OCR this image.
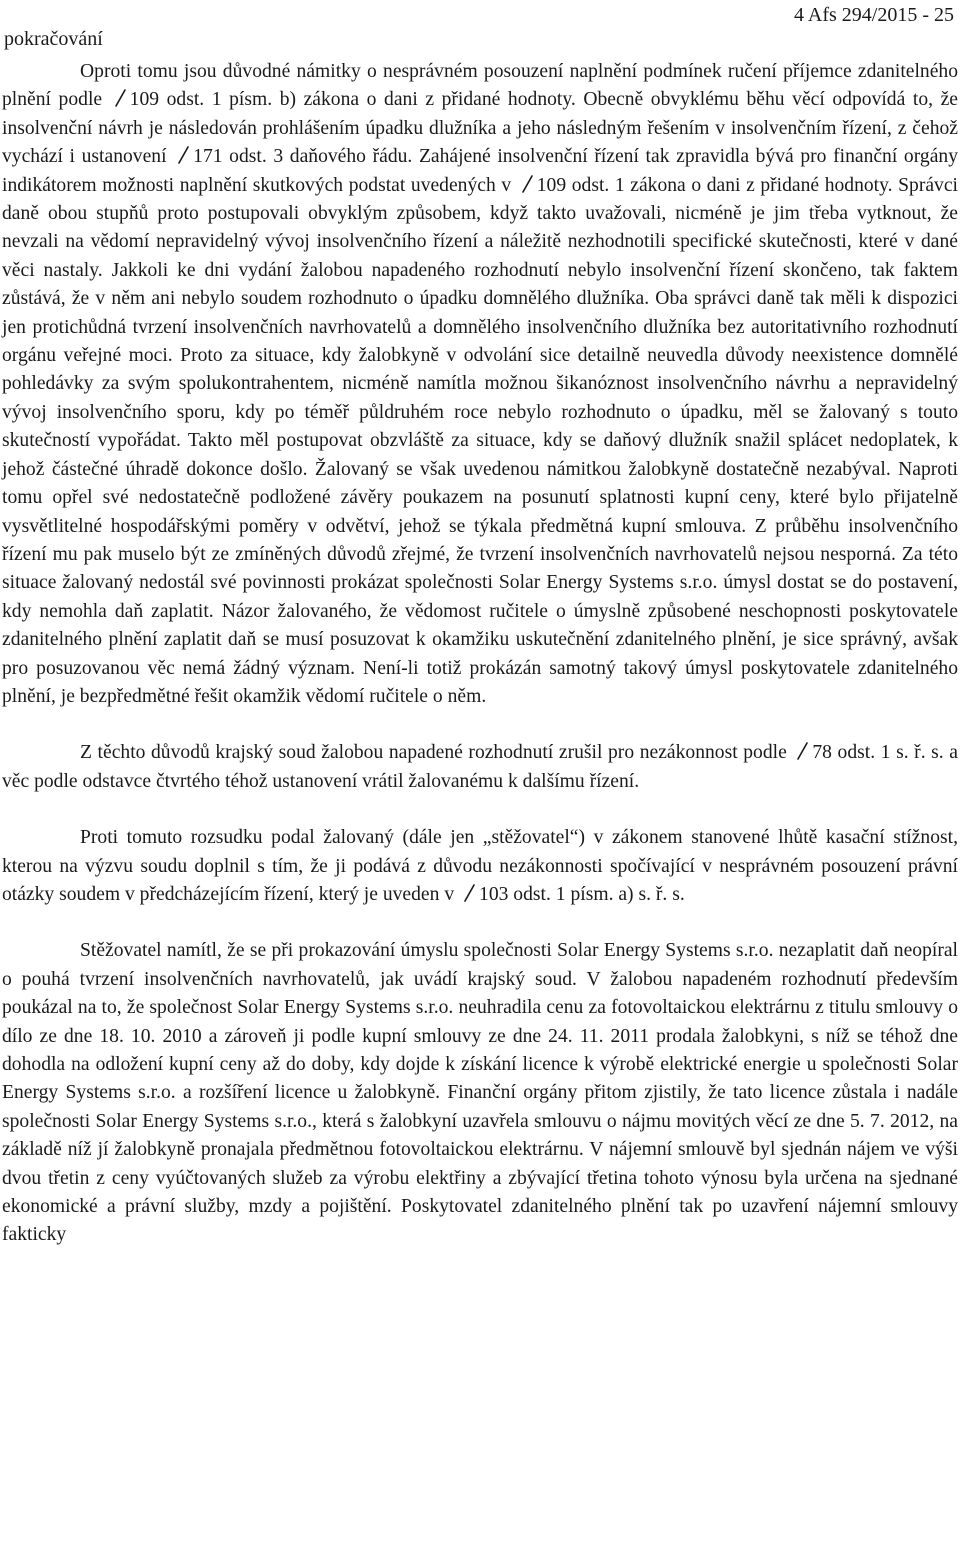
pokračování
4 Afs 294/2015 - 25

Oproti tomu jsou důvodné námitky o nesprávném posouzení naplnění podmínek ručení příjemce zdanitelného plnění podle
109 odst. 1 písm. b) zákona o dani z přidané hodnoty. Obecně obvyklému běhu věcí odpovídá to, že insolvenční návrh je následován prohlášením úpadku dlužníka a jeho následným řešením v insolvenčním řízení, z čehož vychází i ustanovení
171 odst. 3 daňového řádu. Zahájené insolvenční řízení tak zpravidla bývá pro finanční orgány indikátorem možnosti naplnění skutkových podstat uvedených v
109 odst. 1 zákona o dani z přidané hodnoty. Správci daně obou stupňů proto postupovali obvyklým způsobem, když takto uvažovali, nicméně je jim třeba vytknout, že nevzali na vědomí nepravidelný vývoj insolvenčního řízení a náležitě nezhodnotili specifické skutečnosti, které v dané věci nastaly. Jakkoli ke dni vydání žalobou napadeného rozhodnutí nebylo insolvenční řízení skončeno, tak faktem zůstává, že v něm ani nebylo soudem rozhodnuto o úpadku domnělého dlužníka. Oba správci daně tak měli k dispozici jen protichůdná tvrzení insolvenčních navrhovatelů a domnělého insolvenčního dlužníka bez autoritativního rozhodnutí orgánu veřejné moci. Proto za situace, kdy žalobkyně v odvolání sice detailně neuvedla důvody neexistence domnělé pohledávky za svým spolukontrahentem, nicméně namítla možnou šikanóznost insolvenčního návrhu a nepravidelný vývoj insolvenčního sporu, kdy po téměř půldruhém roce nebylo rozhodnuto o úpadku, měl se žalovaný s touto skutečností vypořádat. Takto měl postupovat obzvláště za situace, kdy se daňový dlužník snažil splácet nedoplatek, k jehož částečné úhradě dokonce došlo. Žalovaný se však uvedenou námitkou žalobkyně dostatečně nezabýval. Naproti tomu opřel své nedostatečně podložené závěry poukazem na posunutí splatnosti kupní ceny, které bylo přijatelně vysvětlitelné hospodářskými poměry v odvětví, jehož se týkala předmětná kupní smlouva. Z průběhu insolvenčního řízení mu pak muselo být ze zmíněných důvodů zřejmé, že tvrzení insolvenčních navrhovatelů nejsou nesporná. Za této situace žalovaný nedostál své povinnosti prokázat společnosti Solar Energy Systems s.r.o. úmysl dostat se do postavení, kdy nemohla daň zaplatit. Názor žalovaného, že vědomost ručitele o úmyslně způsobené neschopnosti poskytovatele zdanitelného plnění zaplatit daň se musí posuzovat k okamžiku uskutečnění zdanitelného plnění, je sice správný, avšak pro posuzovanou věc nemá žádný význam. Není-li totiž prokázán samotný takový úmysl poskytovatele zdanitelného plnění, je bezpředmětné řešit okamžik vědomí ručitele o něm.

Z těchto důvodů krajský soud žalobou napadené rozhodnutí zrušil pro nezákonnost podle
78 odst. 1 s. ř. s. a věc podle odstavce čtvrtého téhož ustanovení vrátil žalovanému k dalšímu řízení.

Proti tomuto rozsudku podal žalovaný (dále jen „stěžovatel“) v zákonem stanovené lhůtě kasační stížnost, kterou na výzvu soudu doplnil s tím, že ji podává z důvodu nezákonnosti spočívající v nesprávném posouzení právní otázky soudem v předcházejícím řízení, který je uveden v
103 odst. 1 písm. a) s. ř. s.

Stěžovatel namítl, že se při prokazování úmyslu společnosti Solar Energy Systems s.r.o. nezaplatit daň neopíral o pouhá tvrzení insolvenčních navrhovatelů, jak uvádí krajský soud. V žalobou napadeném rozhodnutí především poukázal na to, že společnost Solar Energy Systems s.r.o. neuhradila cenu za fotovoltaickou elektrárnu z titulu smlouvy o dílo ze dne 18. 10. 2010 a zároveň ji podle kupní smlouvy ze dne 24. 11. 2011 prodala žalobkyni, s níž se téhož dne dohodla na odložení kupní ceny až do doby, kdy dojde k získání licence k výrobě elektrické energie u společnosti Solar Energy Systems s.r.o. a rozšíření licence u žalobkyně. Finanční orgány přitom zjistily, že tato licence zůstala i nadále společnosti Solar Energy Systems s.r.o., která s žalobkyní uzavřela smlouvu o nájmu movitých věcí ze dne 5. 7. 2012, na základě níž jí žalobkyně pronajala předmětnou fotovoltaickou elektrárnu. V nájemní smlouvě byl sjednán nájem ve výši dvou třetin z ceny vyúčtovaných služeb za výrobu elektřiny a zbývající třetina tohoto výnosu byla určena na sjednané ekonomické a právní služby, mzdy a pojištění. Poskytovatel zdanitelného plnění tak po uzavření nájemní smlouvy fakticky
